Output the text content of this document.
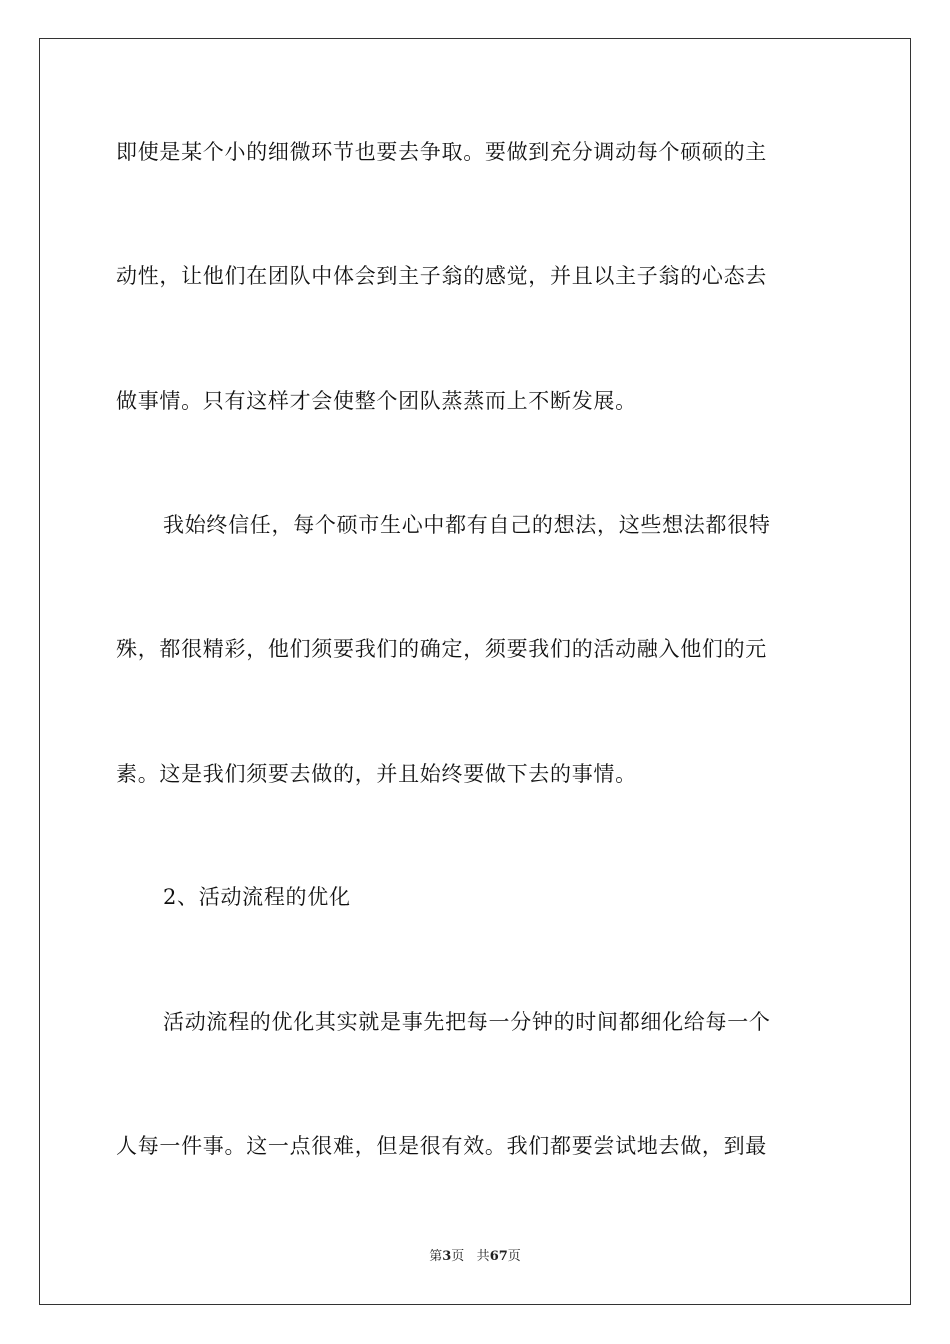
即使是某个小的细微环节也要去争取。要做到充分调动每个硕硕的主
动性，让他们在团队中体会到主子翁的感觉，并且以主子翁的心态去
做事情。只有这样才会使整个团队蒸蒸而上不断发展。
我始终信任，每个硕市生心中都有自己的想法，这些想法都很特
殊，都很精彩，他们须要我们的确定，须要我们的活动融入他们的元
素。这是我们须要去做的，并且始终要做下去的事情。
2、活动流程的优化
活动流程的优化其实就是事先把每一分钟的时间都细化给每一个
人每一件事。这一点很难，但是很有效。我们都要尝试地去做，到最
第3页 共67页
